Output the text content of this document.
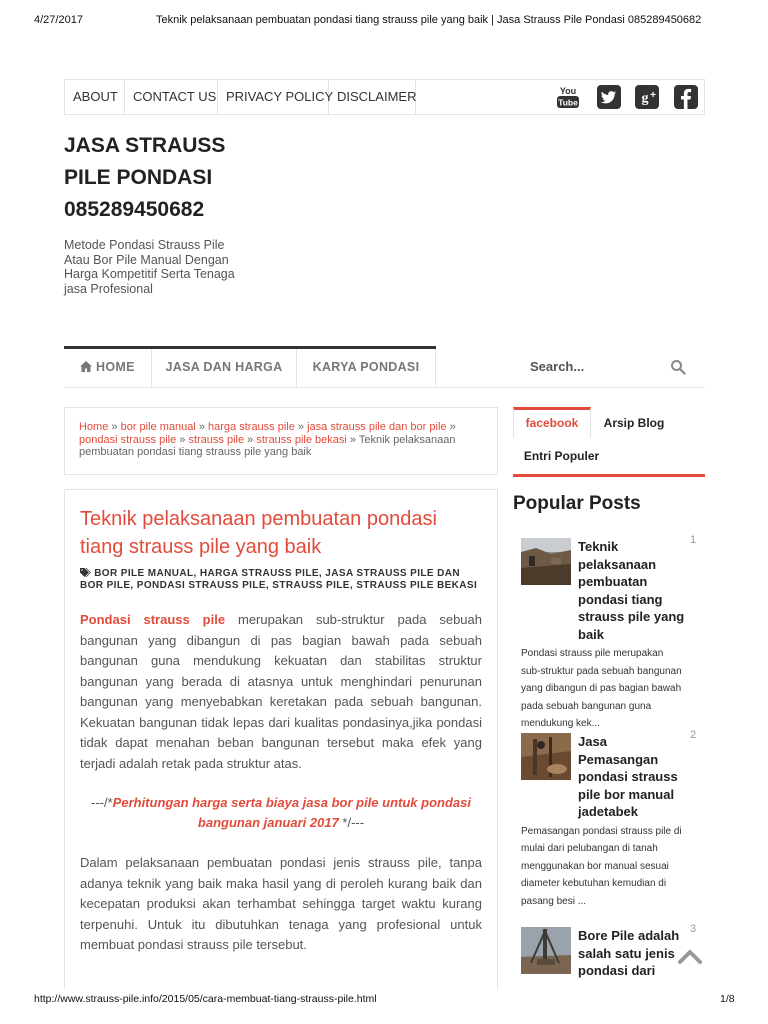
4/27/2017	Teknik pelaksanaan pembuatan pondasi tiang strauss pile yang baik | Jasa Strauss Pile Pondasi 085289450682
ABOUT	CONTACT US PRIVACY POLICY DISCLAIMER	You
Tube	g +
JASA STRAUSS PILE PONDASI 085289450682
Metode Pondasi Strauss Pile Atau Bor Pile Manual Dengan Harga Kompetitif Serta Tenaga jasa Profesional
HOME	JASA DAN HARGA	KARYA PONDASI
Search...
Home » bor pile manual » harga strauss pile » jasa strauss pile dan bor pile » pondasi strauss pile » strauss pile » strauss pile bekasi » Teknik pelaksanaan pembuatan pondasi tiang strauss pile yang baik
Teknik pelaksanaan pembuatan pondasi tiang strauss pile yang baik
BOR PILE MANUAL, HARGA STRAUSS PILE, JASA STRAUSS PILE DAN BOR PILE, PONDASI STRAUSS PILE, STRAUSS PILE, STRAUSS PILE BEKASI
Pondasi strauss pile merupakan sub-struktur pada sebuah bangunan yang dibangun di pas bagian bawah pada sebuah bangunan guna mendukung kekuatan dan stabilitas struktur bangunan yang berada di atasnya untuk menghindari penurunan bangunan yang menyebabkan keretakan pada sebuah bangunan. Kekuatan bangunan tidak lepas dari kualitas pondasinya,jika pondasi tidak dapat menahan beban bangunan tersebut maka efek yang terjadi adalah retak pada struktur atas.
---/*Perhitungan harga serta biaya jasa bor pile untuk pondasi bangunan januari 2017 */---
Dalam pelaksanaan pembuatan pondasi jenis strauss pile, tanpa adanya teknik yang baik maka hasil yang di peroleh kurang baik dan kecepatan produksi akan terhambat sehingga target waktu kurang terpenuhi. Untuk itu dibutuhkan tenaga yang profesional untuk membuat pondasi strauss pile tersebut.
facebook	Arsip Blog
Entri Populer
Popular Posts
Teknik pelaksanaan pembuatan pondasi tiang strauss pile yang baik
Pondasi strauss pile merupakan sub-struktur pada sebuah bangunan yang dibangun di pas bagian bawah pada sebuah bangunan guna mendukung kek...
1
Jasa Pemasangan pondasi strauss pile bor manual jadetabek
Pemasangan pondasi strauss pile di mulai dari pelubangan di tanah menggunakan bor manual sesuai diameter kebutuhan kemudian di pasang besi ...
2
Bore Pile adalah salah satu jenis pondasi dari
3
http://www.strauss-pile.info/2015/05/cara-membuat-tiang-strauss-pile.html	1/8
